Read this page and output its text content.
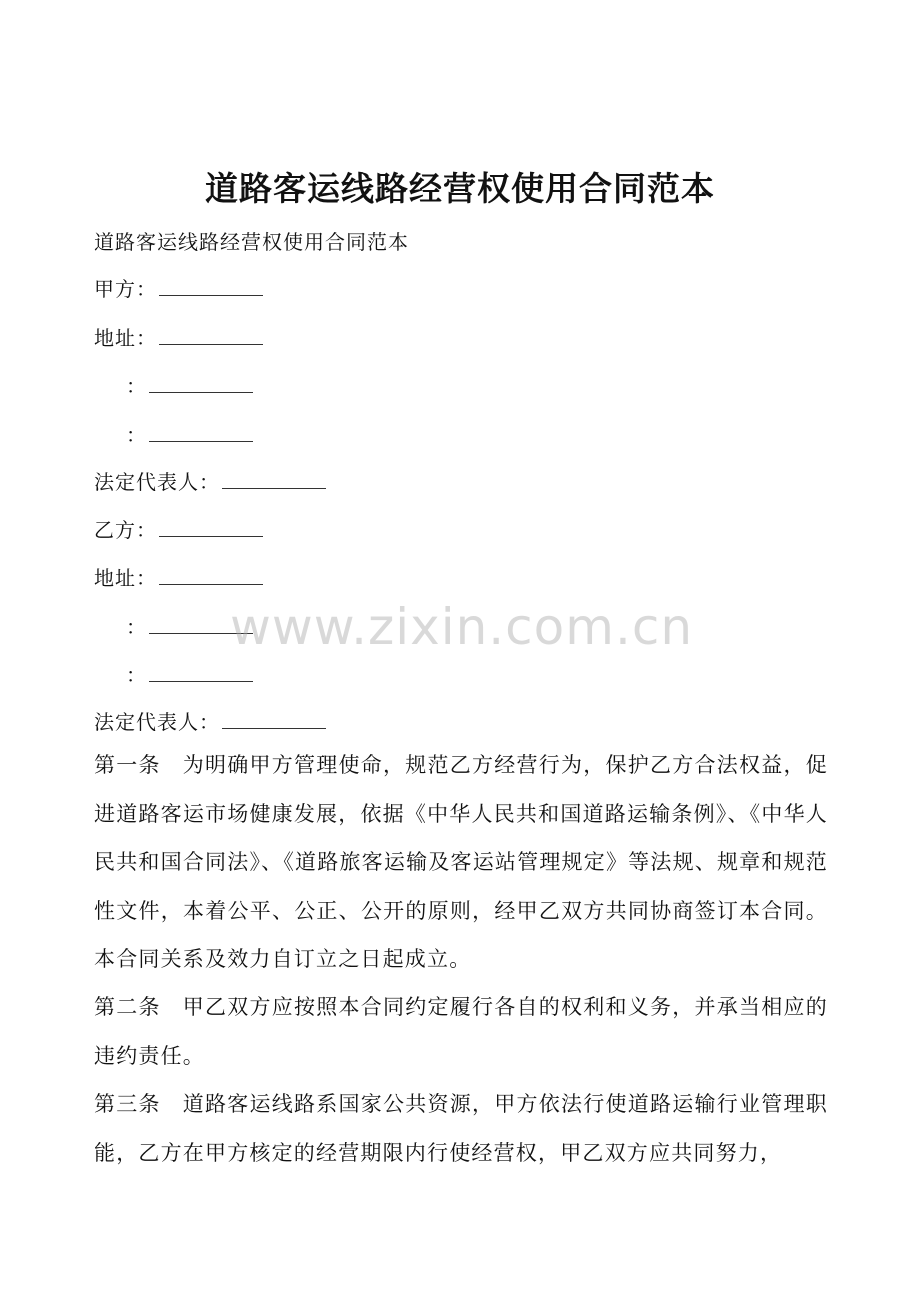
道路客运线路经营权使用合同范本
道路客运线路经营权使用合同范本
甲方：
地址：
：
：
法定代表人：
乙方：
地址：
：
：
法定代表人：
第一条 为明确甲方管理使命，规范乙方经营行为，保护乙方合法权益，促进道路客运市场健康发展，依据《中华人民共和国道路运输条例》、《中华人民共和国合同法》、《道路旅客运输及客运站管理规定》等法规、规章和规范性文件，本着公平、公正、公开的原则，经甲乙双方共同协商签订本合同。本合同关系及效力自订立之日起成立。
第二条 甲乙双方应按照本合同约定履行各自的权利和义务，并承当相应的违约责任。
第三条 道路客运线路系国家公共资源，甲方依法行使道路运输行业管理职能，乙方在甲方核定的经营期限内行使经营权，甲乙双方应共同努力，
www.zixin.com.cn
